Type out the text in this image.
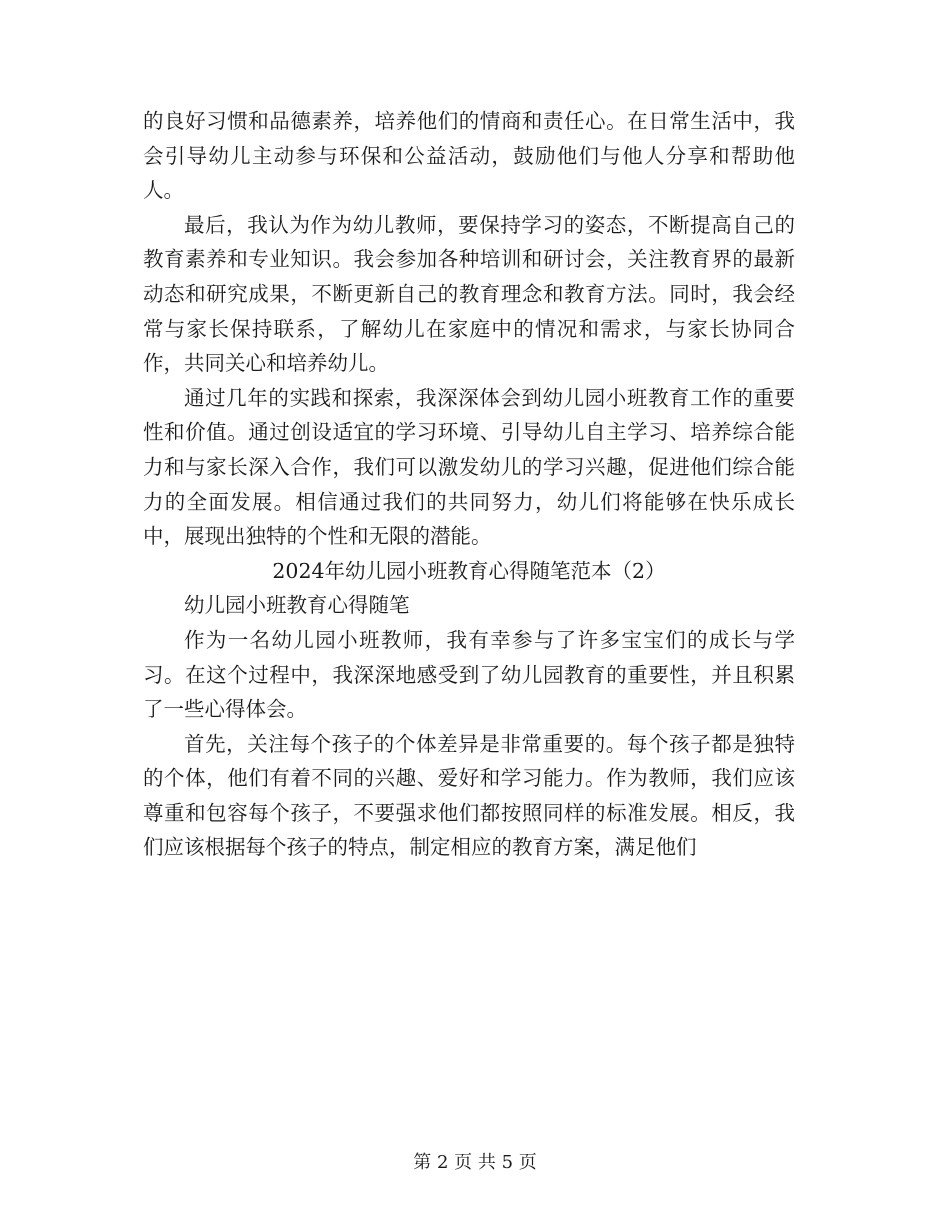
的良好习惯和品德素养，培养他们的情商和责任心。在日常生活中，我会引导幼儿主动参与环保和公益活动，鼓励他们与他人分享和帮助他人。

最后，我认为作为幼儿教师，要保持学习的姿态，不断提高自己的教育素养和专业知识。我会参加各种培训和研讨会，关注教育界的最新动态和研究成果，不断更新自己的教育理念和教育方法。同时，我会经常与家长保持联系，了解幼儿在家庭中的情况和需求，与家长协同合作，共同关心和培养幼儿。

通过几年的实践和探索，我深深体会到幼儿园小班教育工作的重要性和价值。通过创设适宜的学习环境、引导幼儿自主学习、培养综合能力和与家长深入合作，我们可以激发幼儿的学习兴趣，促进他们综合能力的全面发展。相信通过我们的共同努力，幼儿们将能够在快乐成长中，展现出独特的个性和无限的潜能。

2024年幼儿园小班教育心得随笔范本（2）

幼儿园小班教育心得随笔

作为一名幼儿园小班教师，我有幸参与了许多宝宝们的成长与学习。在这个过程中，我深深地感受到了幼儿园教育的重要性，并且积累了一些心得体会。

首先，关注每个孩子的个体差异是非常重要的。每个孩子都是独特的个体，他们有着不同的兴趣、爱好和学习能力。作为教师，我们应该尊重和包容每个孩子，不要强求他们都按照同样的标准发展。相反，我们应该根据每个孩子的特点，制定相应的教育方案，满足他们

第 2 页 共 5 页
